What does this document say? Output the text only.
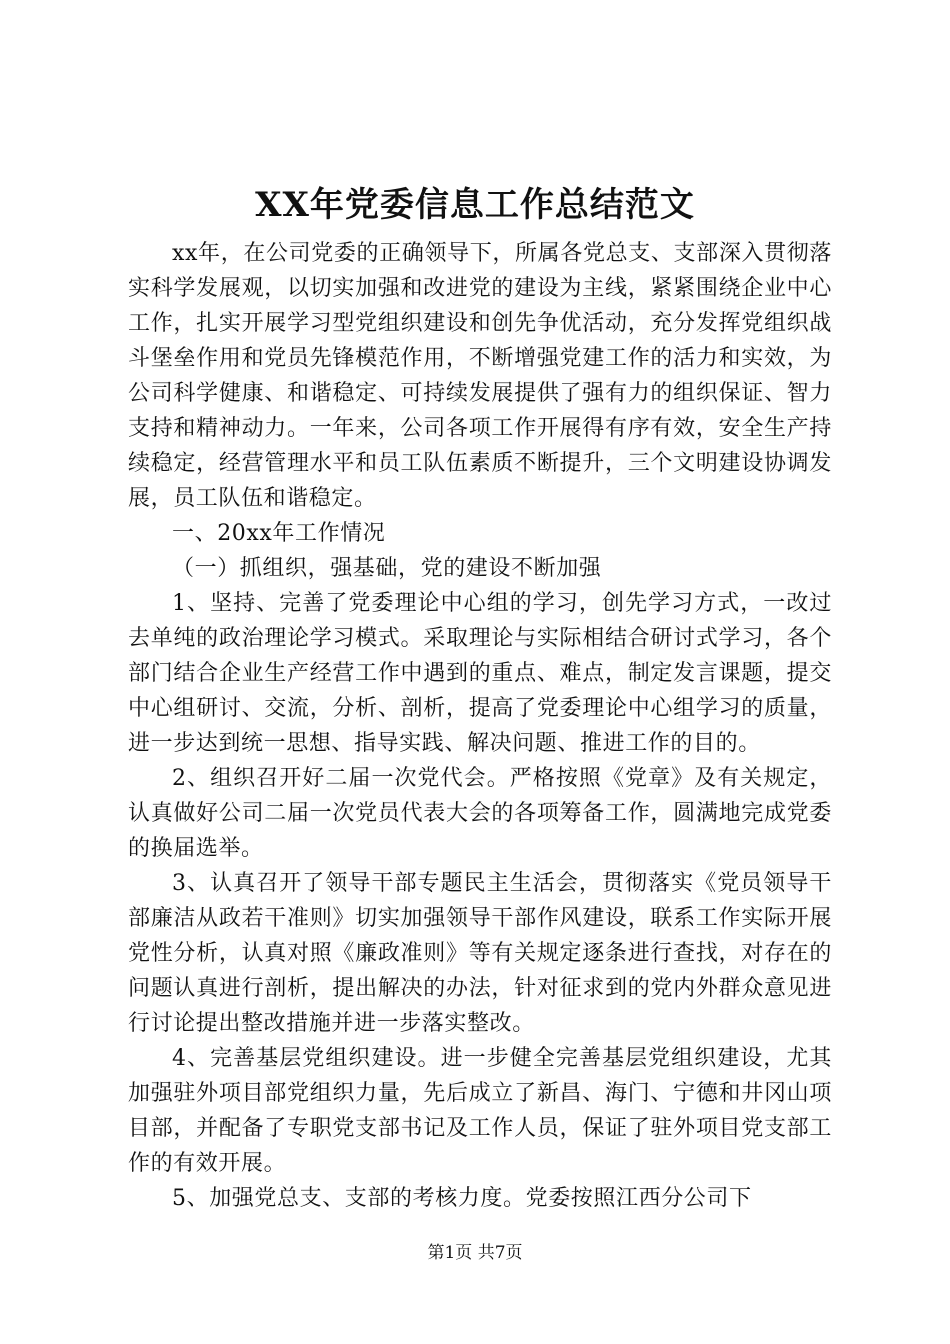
XX年党委信息工作总结范文

xx年，在公司党委的正确领导下，所属各党总支、支部深入贯彻落实科学发展观，以切实加强和改进党的建设为主线，紧紧围绕企业中心工作，扎实开展学习型党组织建设和创先争优活动，充分发挥党组织战斗堡垒作用和党员先锋模范作用，不断增强党建工作的活力和实效，为公司科学健康、和谐稳定、可持续发展提供了强有力的组织保证、智力支持和精神动力。一年来，公司各项工作开展得有序有效，安全生产持续稳定，经营管理水平和员工队伍素质不断提升，三个文明建设协调发展，员工队伍和谐稳定。

一、20xx年工作情况

（一）抓组织，强基础，党的建设不断加强

1、坚持、完善了党委理论中心组的学习，创先学习方式，一改过去单纯的政治理论学习模式。采取理论与实际相结合研讨式学习，各个部门结合企业生产经营工作中遇到的重点、难点，制定发言课题，提交中心组研讨、交流，分析、剖析，提高了党委理论中心组学习的质量，进一步达到统一思想、指导实践、解决问题、推进工作的目的。

2、组织召开好二届一次党代会。严格按照《党章》及有关规定，认真做好公司二届一次党员代表大会的各项筹备工作，圆满地完成党委的换届选举。

3、认真召开了领导干部专题民主生活会，贯彻落实《党员领导干部廉洁从政若干准则》切实加强领导干部作风建设，联系工作实际开展党性分析，认真对照《廉政准则》等有关规定逐条进行查找，对存在的问题认真进行剖析，提出解决的办法，针对征求到的党内外群众意见进行讨论提出整改措施并进一步落实整改。

4、完善基层党组织建设。进一步健全完善基层党组织建设，尤其加强驻外项目部党组织力量，先后成立了新昌、海门、宁德和井冈山项目部，并配备了专职党支部书记及工作人员，保证了驻外项目党支部工作的有效开展。

5、加强党总支、支部的考核力度。党委按照江西分公司下

第1页 共7页
